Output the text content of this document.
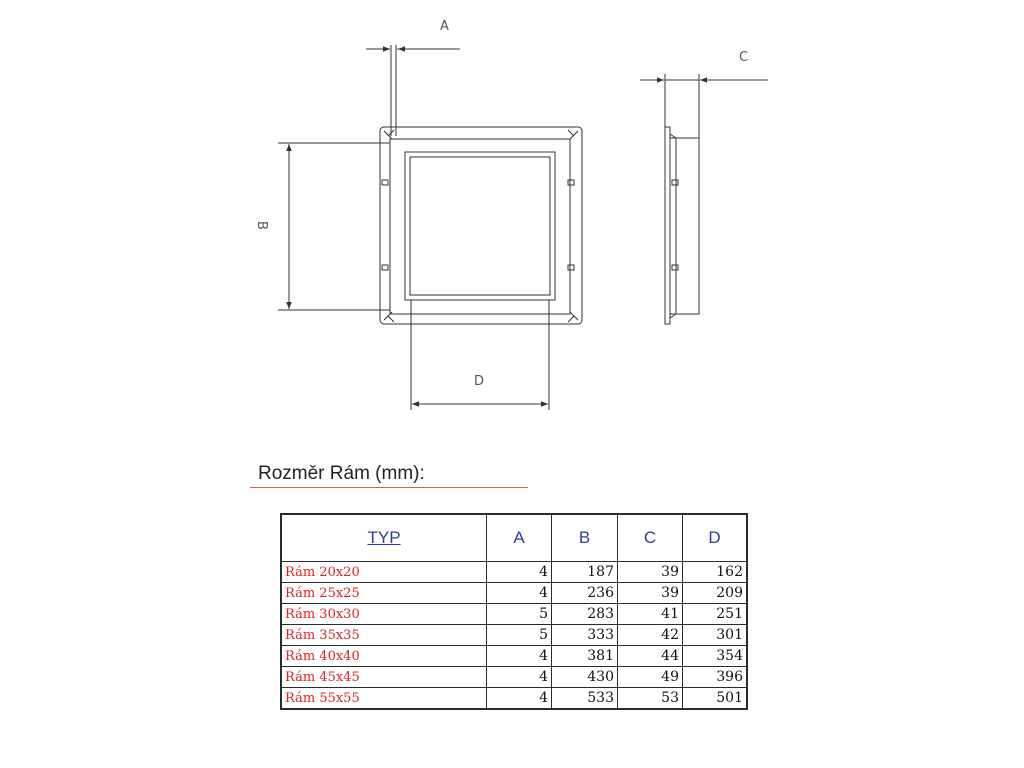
A
B
C
D
Rozměr Rám (mm):
TYP	A	B	C	D
Rám 20x20	4	187	39	162
Rám 25x25	4	236	39	209
Rám 30x30	5	283	41	251
Rám 35x35	5	333	42	301
Rám 40x40	4	381	44	354
Rám 45x45	4	430	49	396
Rám 55x55	4	533	53	501
